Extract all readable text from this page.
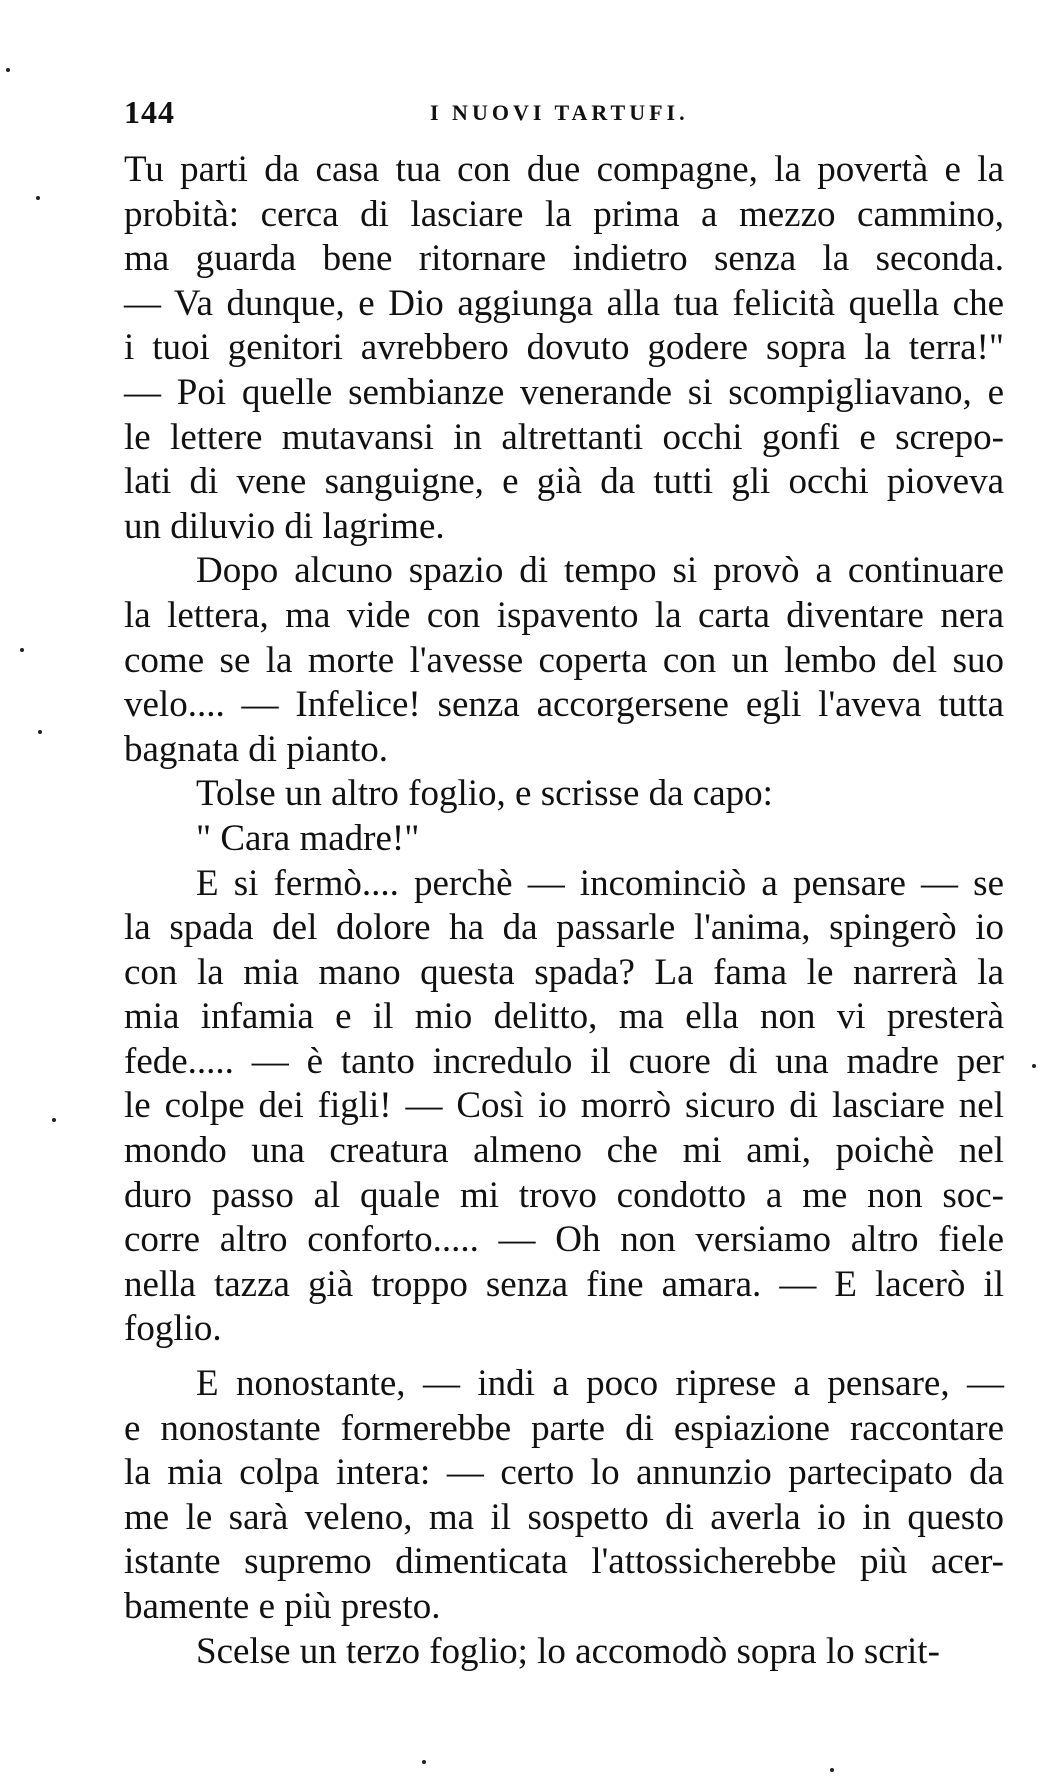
144	I NUOVI TARTUFI.
Tu parti da casa tua con due compagne, la povertà e la
probità: cerca di lasciare la prima a mezzo cammino,
ma guarda bene ritornare indietro senza la seconda.
— Va dunque, e Dio aggiunga alla tua felicità quella che
i tuoi genitori avrebbero dovuto godere sopra la terra!"
— Poi quelle sembianze venerande si scompigliavano, e
le lettere mutavansi in altrettanti occhi gonfi e screpo-
lati di vene sanguigne, e già da tutti gli occhi pioveva
un diluvio di lagrime.
Dopo alcuno spazio di tempo si provò a continuare
la lettera, ma vide con ispavento la carta diventare nera
come se la morte l'avesse coperta con un lembo del suo
velo.... — Infelice! senza accorgersene egli l'aveva tutta
bagnata di pianto.
Tolse un altro foglio, e scrisse da capo:
" Cara madre!"
E si fermò.... perchè — incominciò a pensare — se
la spada del dolore ha da passarle l'anima, spingerò io
con la mia mano questa spada? La fama le narrerà la
mia infamia e il mio delitto, ma ella non vi presterà
fede..... — è tanto incredulo il cuore di una madre per
le colpe dei figli! — Così io morrò sicuro di lasciare nel
mondo una creatura almeno che mi ami, poichè nel
duro passo al quale mi trovo condotto a me non soc-
corre altro conforto..... — Oh non versiamo altro fiele
nella tazza già troppo senza fine amara. — E lacerò il
foglio.
E nonostante, — indi a poco riprese a pensare, —
e nonostante formerebbe parte di espiazione raccontare
la mia colpa intera: — certo lo annunzio partecipato da
me le sarà veleno, ma il sospetto di averla io in questo
istante supremo dimenticata l'attossicherebbe più acer-
bamente e più presto.
Scelse un terzo foglio; lo accomodò sopra lo scrit-
